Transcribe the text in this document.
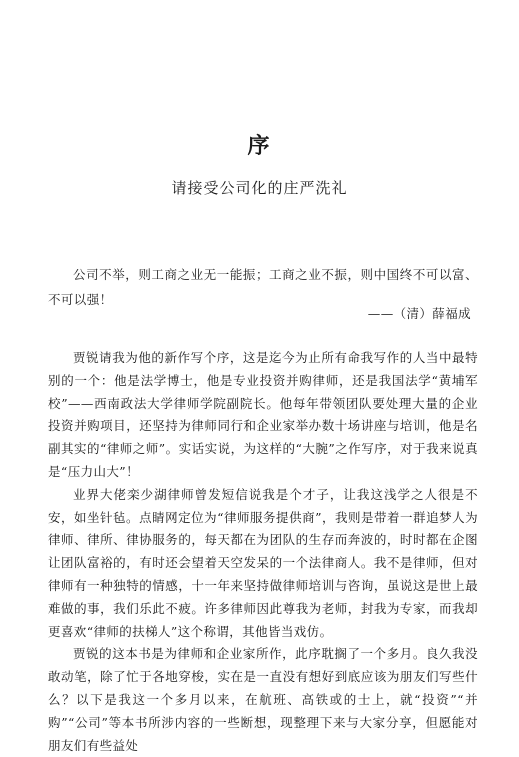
序
请接受公司化的庄严洗礼

公司不举，则工商之业无一能振；工商之业不振，则中国终不可以富、不可以强！

——（清）薛福成

贾锐请我为他的新作写个序，这是迄今为止所有命我写作的人当中最特别的一个：他是法学博士，他是专业投资并购律师，还是我国法学“黄埔军校”——西南政法大学律师学院副院长。他每年带领团队要处理大量的企业投资并购项目，还坚持为律师同行和企业家举办数十场讲座与培训，他是名副其实的“律师之师”。实话实说，为这样的“大腕”之作写序，对于我来说真是“压力山大”！

业界大佬栾少湖律师曾发短信说我是个才子，让我这浅学之人很是不安，如坐针毡。点睛网定位为“律师服务提供商”，我则是带着一群追梦人为律师、律所、律协服务的，每天都在为团队的生存而奔波的，时时都在企图让团队富裕的，有时还会望着天空发呆的一个法律商人。我不是律师，但对律师有一种独特的情感，十一年来坚持做律师培训与咨询，虽说这是世上最难做的事，我们乐此不疲。许多律师因此尊我为老师，封我为专家，而我却更喜欢“律师的扶梯人”这个称谓，其他皆当戏仿。

贾锐的这本书是为律师和企业家所作，此序耽搁了一个多月。良久我没敢动笔，除了忙于各地穿梭，实在是一直没有想好到底应该为朋友们写些什么？以下是我这一个多月以来，在航班、高铁或的士上，就“投资”“并购”“公司”等本书所涉内容的一些断想，现整理下来与大家分享，但愿能对朋友们有些益处
